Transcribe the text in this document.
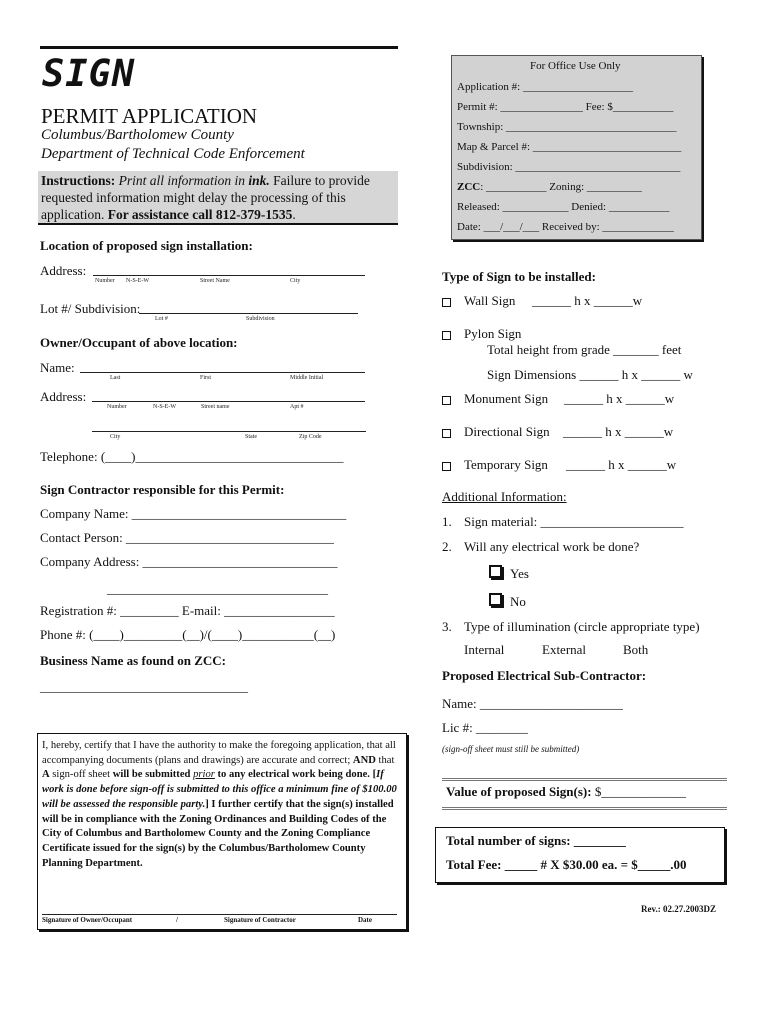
SIGN
PERMIT APPLICATION
Columbus/Bartholomew County
Department of Technical Code Enforcement
Instructions: Print all information in ink. Failure to provide requested information might delay the processing of this application. For assistance call 812-379-1535.
For Office Use Only
Application #: ____________________
Permit #: _______________ Fee: $___________
Township: _______________________________
Map & Parcel #: ___________________________
Subdivision: ______________________________
ZCC: ___________ Zoning: __________
Released: ____________ Denied: ___________
Date: ___/___/___ Received by: _____________
Location of proposed sign installation:
Address:
Number N-S-E-W	Street Name	City
Lot #/ Subdivision:
Lot #	Subdivision
Owner/Occupant of above location:
Name:
Last	First	Middle Initial
Address:
Number	N-S-E-W	Street name	Apt #
City	State	Zip Code
Telephone: (____)________________________________
Sign Contractor responsible for this Permit:
Company Name: _________________________________
Contact Person: ________________________________
Company Address: ______________________________
__________________________________
Registration #: _________ E-mail: _________________
Phone #: (____)_________(__)/(____)___________(__)
Business Name as found on ZCC:
________________________________
I, hereby, certify that I have the authority to make the foregoing application, that all accompanying documents (plans and drawings) are accurate and correct; AND that A sign-off sheet will be submitted prior to any electrical work being done. [If work is done before sign-off is submitted to this office a minimum fine of $100.00 will be assessed the responsible party.] I further certify that the sign(s) installed will be in compliance with the Zoning Ordinances and Building Codes of the City of Columbus and Bartholomew County and the Zoning Compliance Certificate issued for the sign(s) by the Columbus/Bartholomew County Planning Department.
Signature of Owner/Occupant	/	Signature of Contractor	Date
Type of Sign to be installed:
Wall Sign ______ h x ______w
Pylon Sign
Total height from grade _______ feet
Sign Dimensions ______ h x ______ w
Monument Sign ______ h x ______w
Directional Sign ______ h x ______w
Temporary Sign ______ h x ______w
Additional Information:
1. Sign material: ______________________
2. Will any electrical work be done?
Yes
No
3. Type of illumination (circle appropriate type)
Internal	External	Both
Proposed Electrical Sub-Contractor:
Name: ______________________
Lic #: ________
(sign-off sheet must still be submitted)
Value of proposed Sign(s): $_____________
Total number of signs: ________
Total Fee: _____ # X $30.00 ea. = $_____.00
Rev.: 02.27.2003DZ
